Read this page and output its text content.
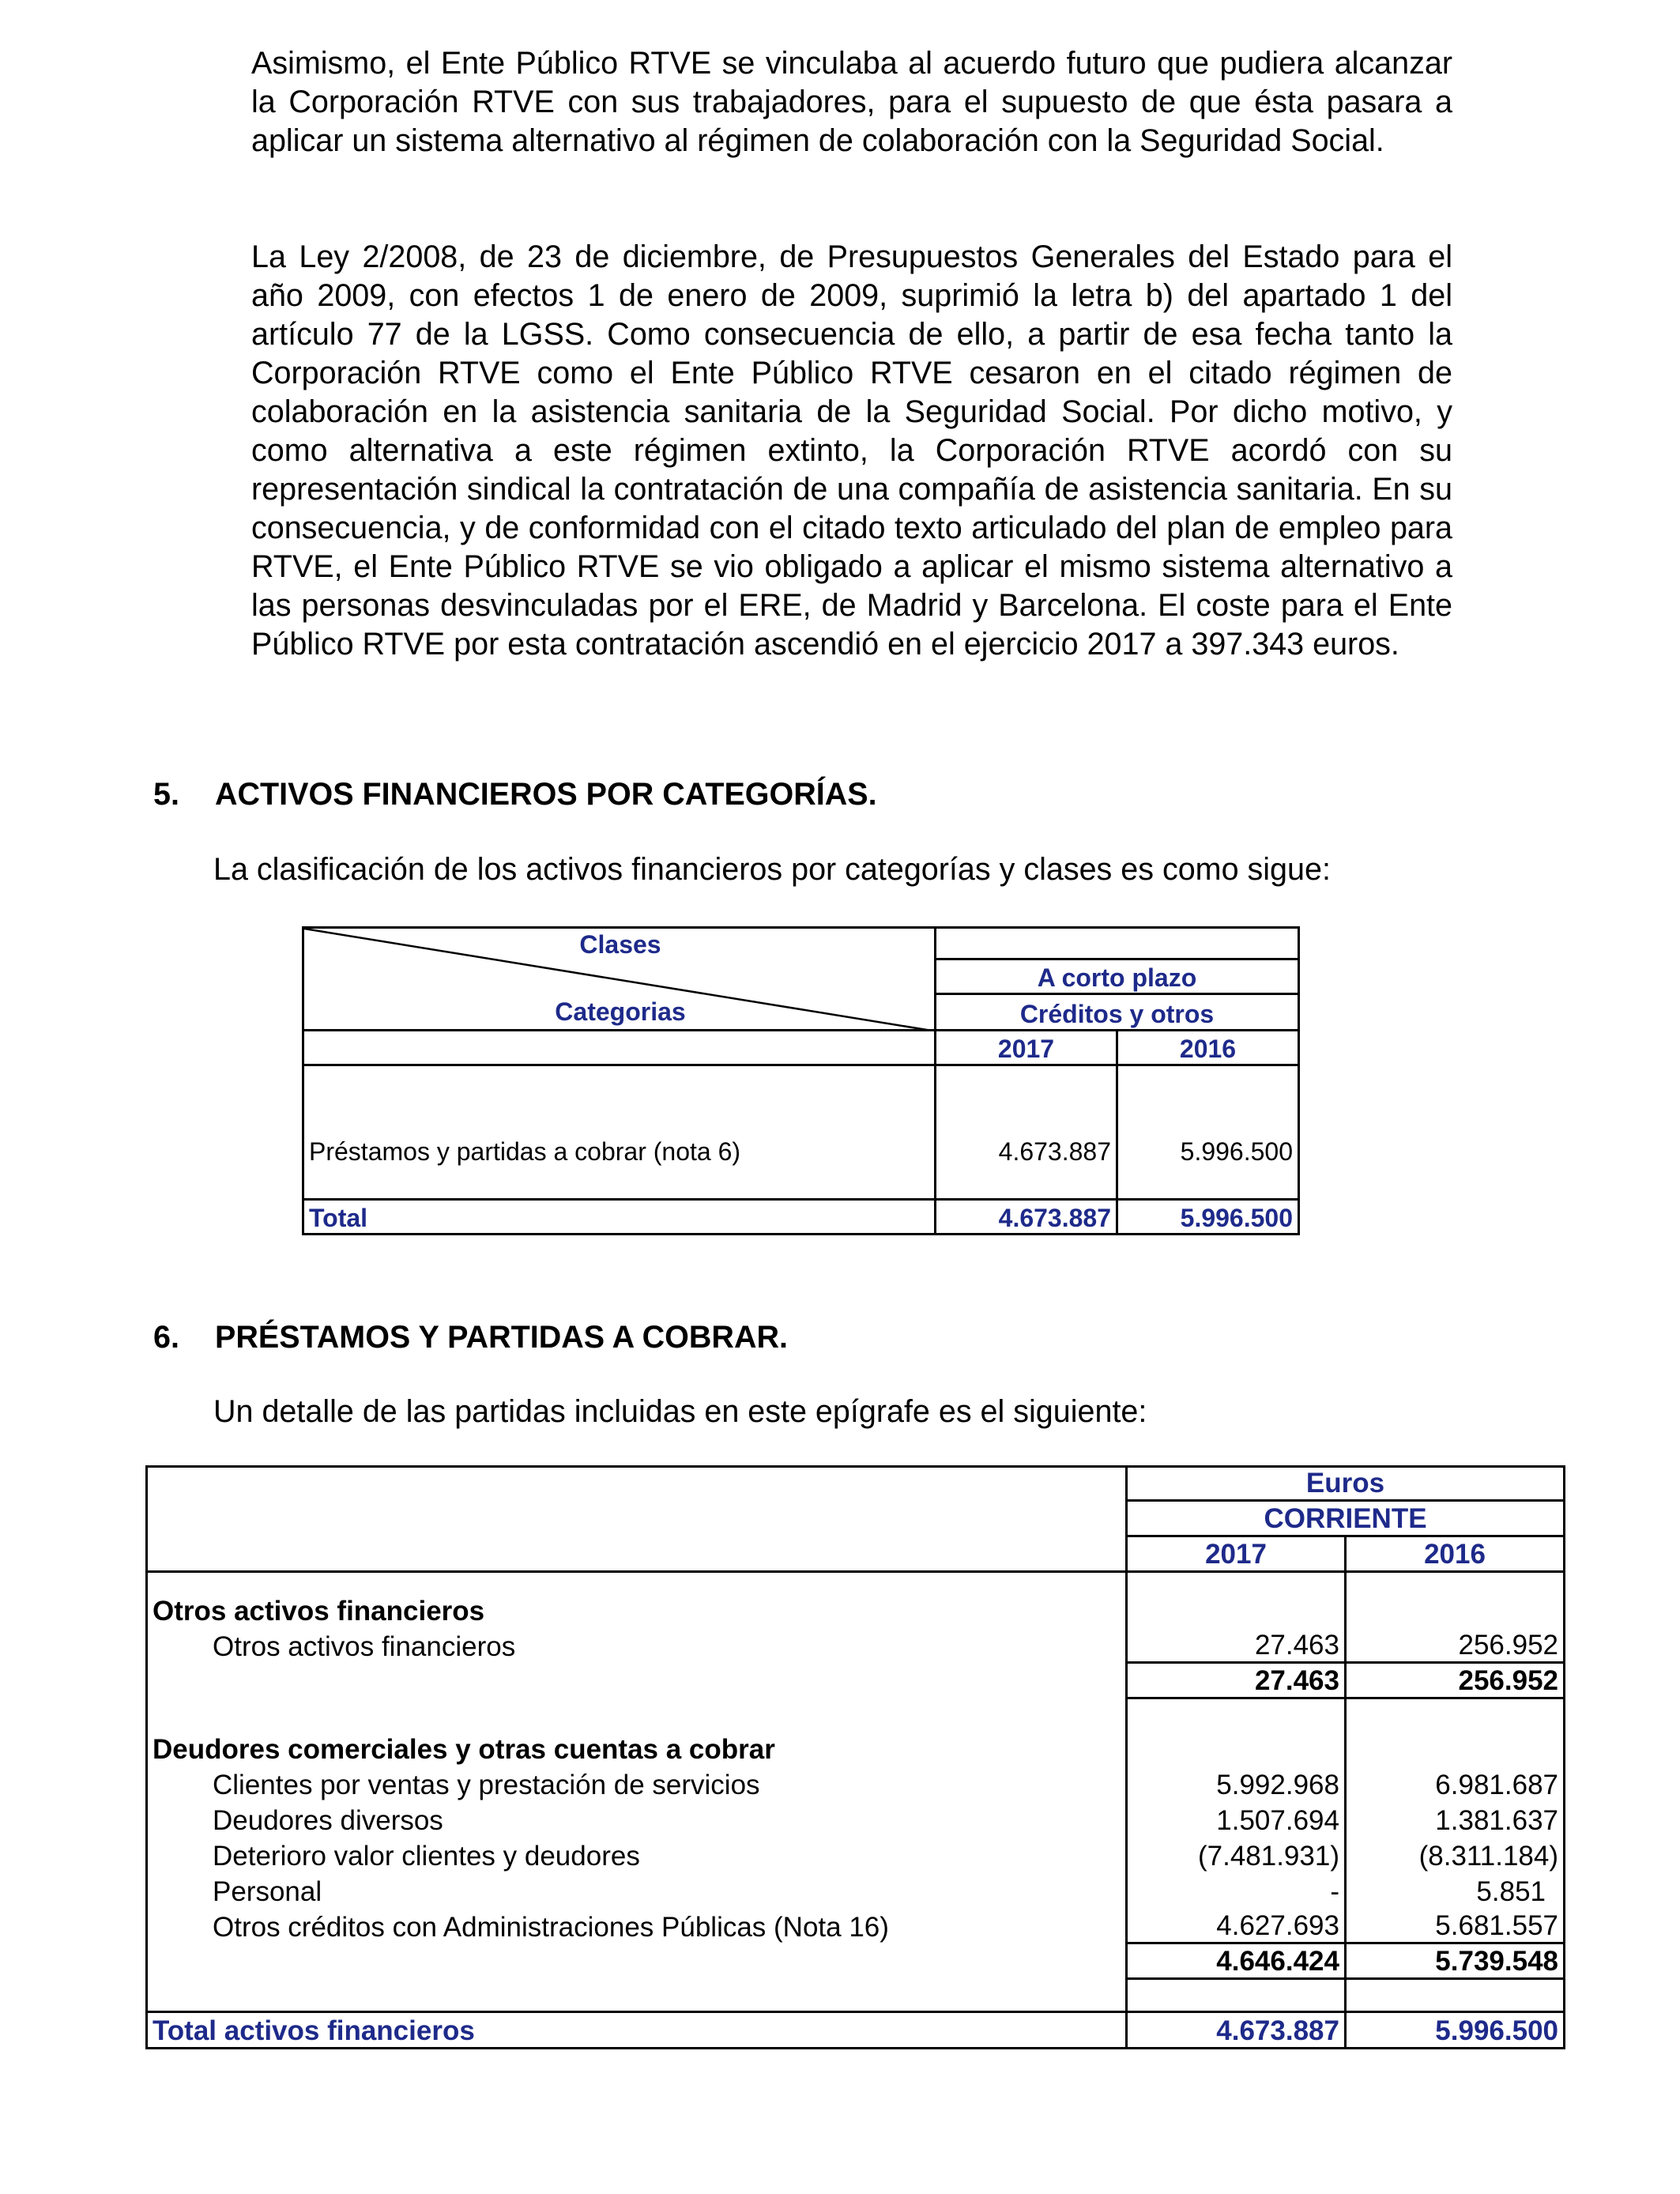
Asimismo, el Ente Público RTVE se vinculaba al acuerdo futuro que pudiera alcanzar la Corporación RTVE con sus trabajadores, para el supuesto de que ésta pasara a aplicar un sistema alternativo al régimen de colaboración con la Seguridad Social.

La Ley 2/2008, de 23 de diciembre, de Presupuestos Generales del Estado para el año 2009, con efectos 1 de enero de 2009, suprimió la letra b) del apartado 1 del artículo 77 de la LGSS. Como consecuencia de ello, a partir de esa fecha tanto la Corporación RTVE como el Ente Público RTVE cesaron en el citado régimen de colaboración en la asistencia sanitaria de la Seguridad Social. Por dicho motivo, y como alternativa a este régimen extinto, la Corporación RTVE acordó con su representación sindical la contratación de una compañía de asistencia sanitaria. En su consecuencia, y de conformidad con el citado texto articulado del plan de empleo para RTVE, el Ente Público RTVE se vio obligado a aplicar el mismo sistema alternativo a las personas desvinculadas por el ERE, de Madrid y Barcelona. El coste para el Ente Público RTVE por esta contratación ascendió en el ejercicio 2017 a 397.343 euros.

5. ACTIVOS FINANCIEROS POR CATEGORÍAS.

La clasificación de los activos financieros por categorías y clases es como sigue:

Clases
Categorias		

	A corto plazo	
	Créditos y otros	
	2017	2016
Préstamos y partidas a cobrar (nota 6)	4.673.887	5.996.500
Total	4.673.887	5.996.500
6. PRÉSTAMOS Y PARTIDAS A COBRAR.

Un detalle de las partidas incluidas en este epígrafe es el siguiente:

	Euros	
	CORRIENTE	
	2017	2016
Otros activos financieros		
Otros activos financieros	27.463	256.952
	27.463	256.952
Deudores comerciales y otras cuentas a cobrar		
Clientes por ventas y prestación de servicios	5.992.968	6.981.687
Deudores diversos	1.507.694	1.381.637
Deterioro valor clientes y deudores	(7.481.931)	(8.311.184)
Personal	-	5.851
Otros créditos con Administraciones Públicas (Nota 16)	4.627.693	5.681.557
	4.646.424	5.739.548

Total activos financieros	4.673.887	5.996.500
